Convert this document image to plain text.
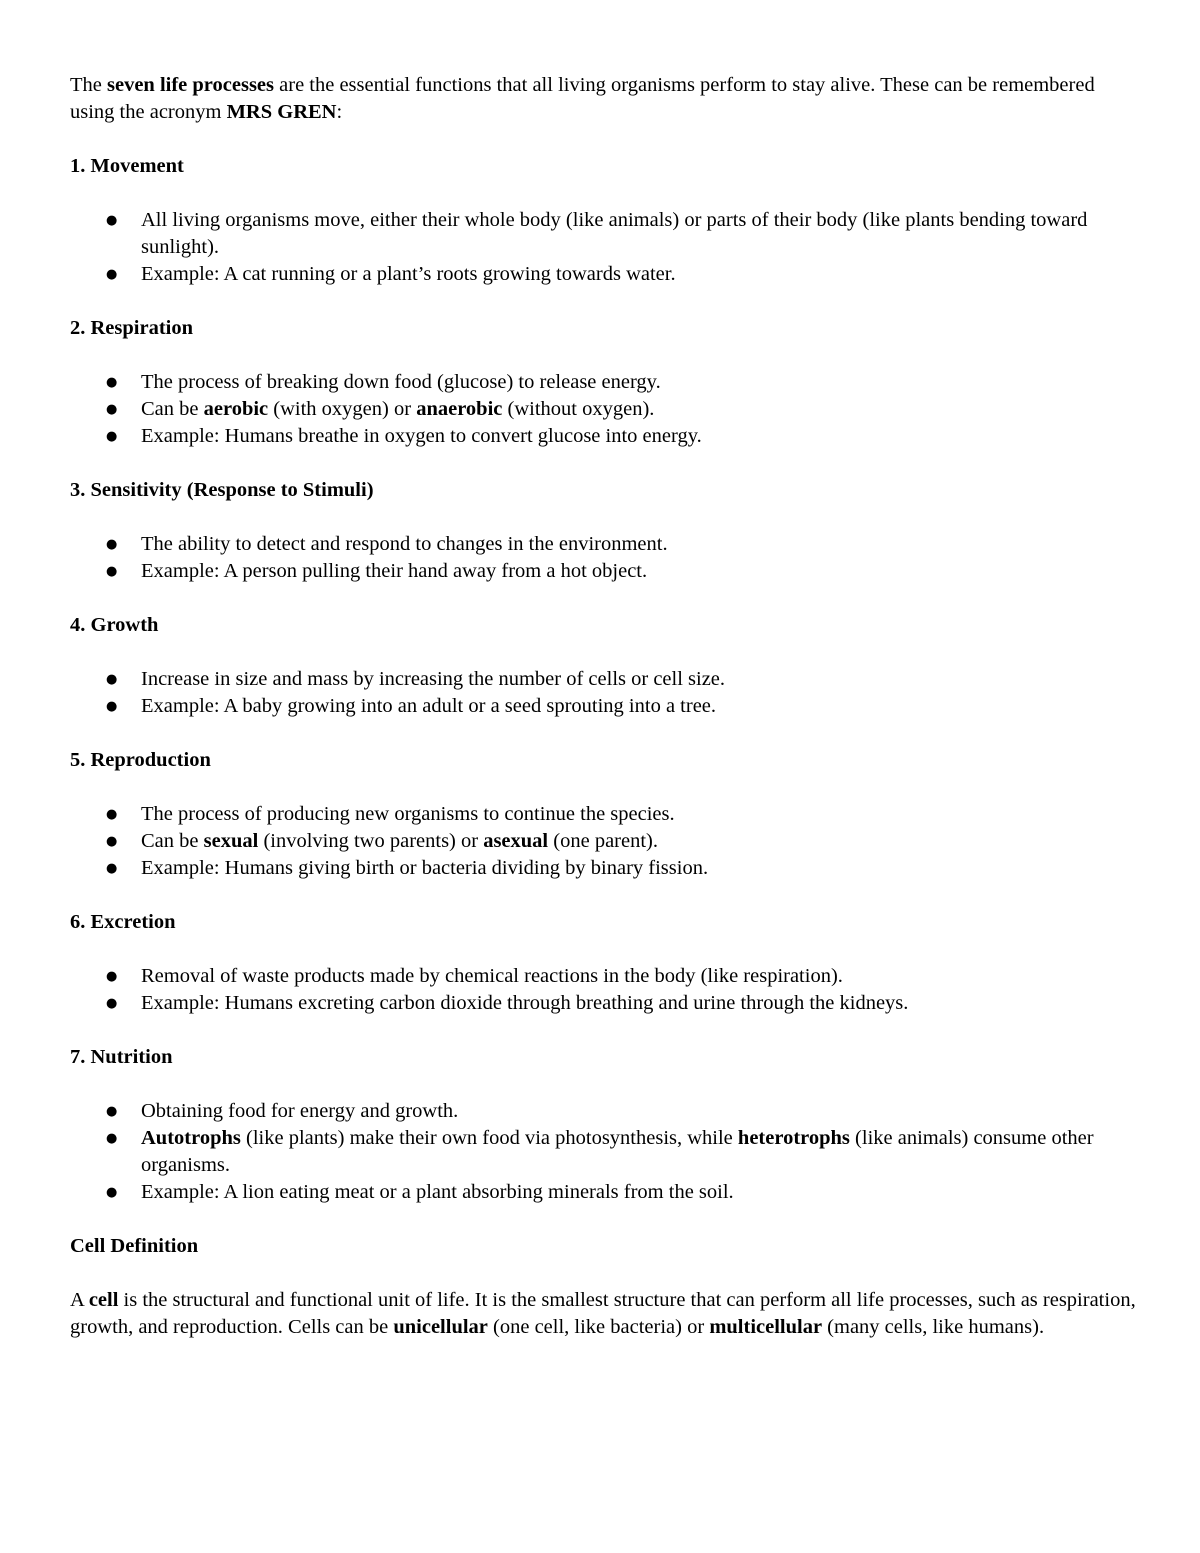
The seven life processes are the essential functions that all living organisms perform to stay alive. These can be remembered using the acronym MRS GREN:

1. Movement

● All living organisms move, either their whole body (like animals) or parts of their body (like plants bending toward sunlight).
● Example: A cat running or a plant’s roots growing towards water.

2. Respiration

● The process of breaking down food (glucose) to release energy.
● Can be aerobic (with oxygen) or anaerobic (without oxygen).
● Example: Humans breathe in oxygen to convert glucose into energy.

3. Sensitivity (Response to Stimuli)

● The ability to detect and respond to changes in the environment.
● Example: A person pulling their hand away from a hot object.

4. Growth

● Increase in size and mass by increasing the number of cells or cell size.
● Example: A baby growing into an adult or a seed sprouting into a tree.

5. Reproduction

● The process of producing new organisms to continue the species.
● Can be sexual (involving two parents) or asexual (one parent).
● Example: Humans giving birth or bacteria dividing by binary fission.

6. Excretion

● Removal of waste products made by chemical reactions in the body (like respiration).
● Example: Humans excreting carbon dioxide through breathing and urine through the kidneys.

7. Nutrition

● Obtaining food for energy and growth.
● Autotrophs (like plants) make their own food via photosynthesis, while heterotrophs (like animals) consume other organisms.
● Example: A lion eating meat or a plant absorbing minerals from the soil.

Cell Definition

A cell is the structural and functional unit of life. It is the smallest structure that can perform all life processes, such as respiration, growth, and reproduction. Cells can be unicellular (one cell, like bacteria) or multicellular (many cells, like humans).
